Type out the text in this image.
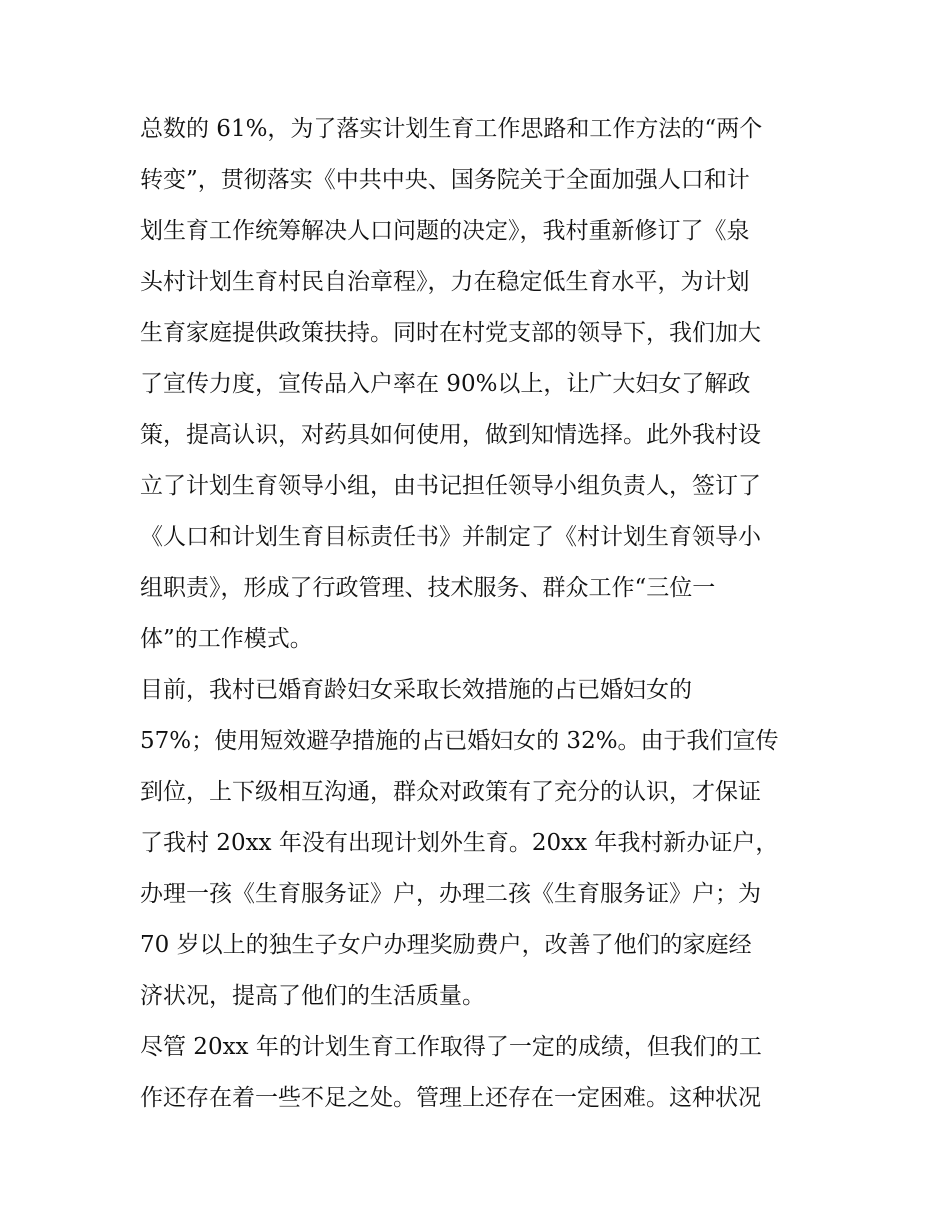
总数的 61%，为了落实计划生育工作思路和工作方法的“两个
转变”，贯彻落实《中共中央、国务院关于全面加强人口和计
划生育工作统筹解决人口问题的决定》，我村重新修订了《泉
头村计划生育村民自治章程》，力在稳定低生育水平，为计划
生育家庭提供政策扶持。同时在村党支部的领导下，我们加大
了宣传力度，宣传品入户率在 90%以上，让广大妇女了解政
策，提高认识，对药具如何使用，做到知情选择。此外我村设
立了计划生育领导小组，由书记担任领导小组负责人，签订了
《人口和计划生育目标责任书》并制定了《村计划生育领导小
组职责》，形成了行政管理、技术服务、群众工作“三位一
体”的工作模式。
目前，我村已婚育龄妇女采取长效措施的占已婚妇女的
57%；使用短效避孕措施的占已婚妇女的 32%。由于我们宣传
到位，上下级相互沟通，群众对政策有了充分的认识，才保证
了我村 20xx 年没有出现计划外生育。20xx 年我村新办证户，
办理一孩《生育服务证》户，办理二孩《生育服务证》户；为
70 岁以上的独生子女户办理奖励费户，改善了他们的家庭经
济状况，提高了他们的生活质量。
尽管 20xx 年的计划生育工作取得了一定的成绩，但我们的工
作还存在着一些不足之处。管理上还存在一定困难。这种状况
